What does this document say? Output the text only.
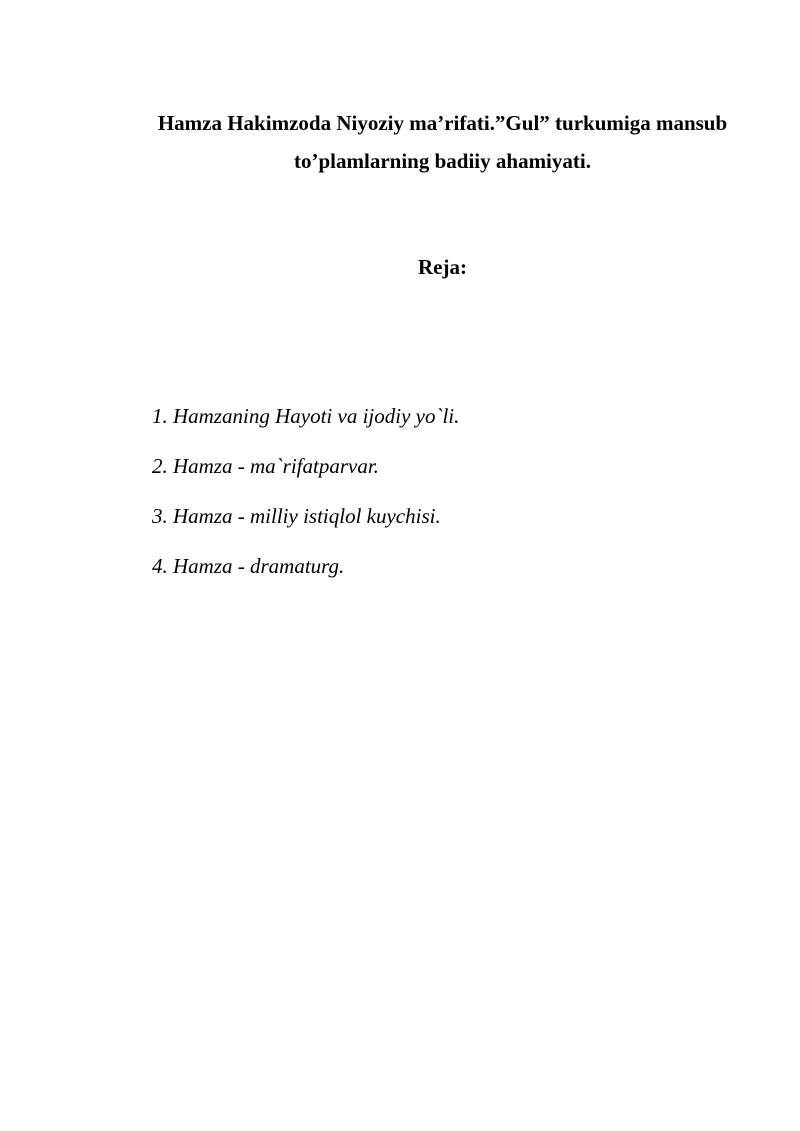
Hamza Hakimzoda Niyoziy ma’rifati.”Gul” turkumiga mansub
to’plamlarning badiiy ahamiyati.
Reja:
1. Hamzaning Hayoti va ijodiy yo`li.
2. Hamza - ma`rifatparvar.
3. Hamza - milliy istiqlol kuychisi.
4. Hamza - dramaturg.
